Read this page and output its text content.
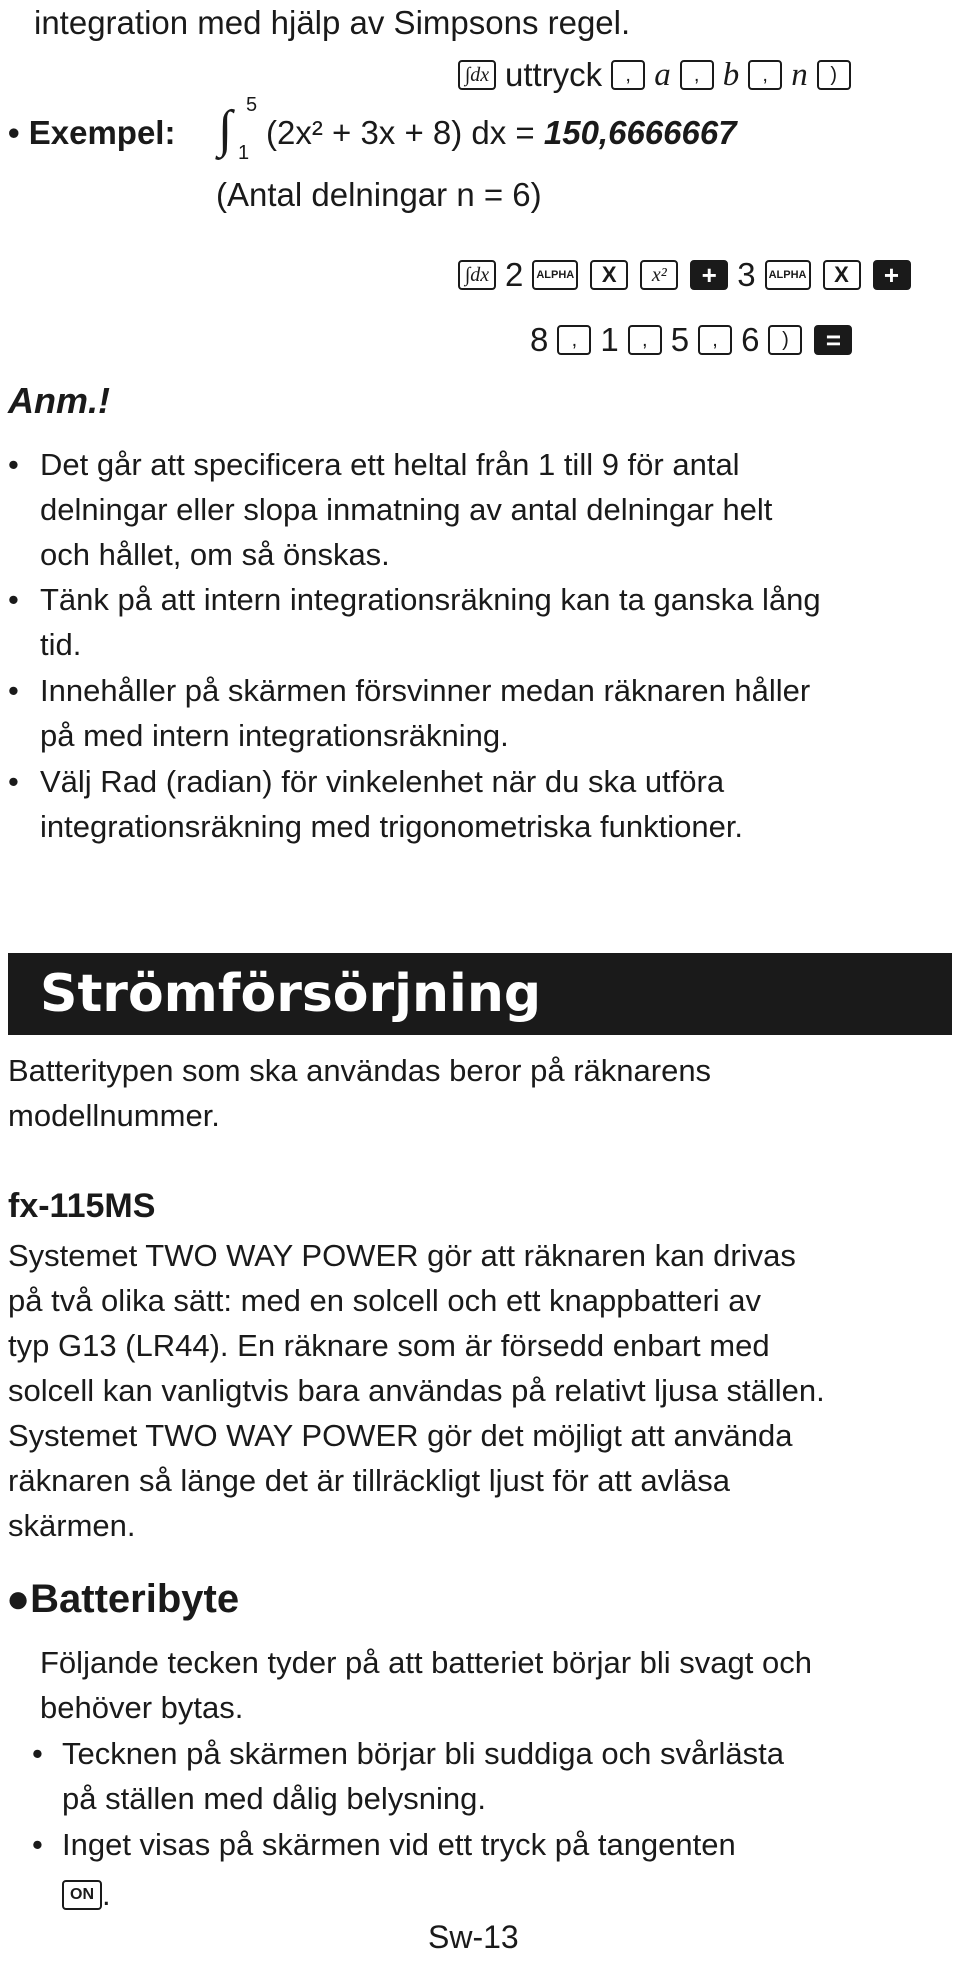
integration med hjälp av Simpsons regel.
∫dx uttryck	, a	, b	, n	)
• Exempel: ∫ 5
1
(2x² + 3x + 8) dx = 150,6666667
(Antal delningar n = 6)
∫dx 2	ALPHA	X	x²	+ 3	ALPHA	X	+
8	, 1	, 5	, 6	)	=
Anm.!
• Det går att specificera ett heltal från 1 till 9 för antal
delningar eller slopa inmatning av antal delningar helt
och hållet, om så önskas.
• Tänk på att intern integrationsräkning kan ta ganska lång
tid.
• Innehåller på skärmen försvinner medan räknaren håller
på med intern integrationsräkning.
• Välj Rad (radian) för vinkelenhet när du ska utföra
integrationsräkning med trigonometriska funktioner.
Strömförsörjning
Batteritypen som ska användas beror på räknarens
modellnummer.
fx-115MS
Systemet TWO WAY POWER gör att räknaren kan drivas
på två olika sätt: med en solcell och ett knappbatteri av
typ G13 (LR44). En räknare som är försedd enbart med
solcell kan vanligtvis bara användas på relativt ljusa ställen.
Systemet TWO WAY POWER gör det möjligt att använda
räknaren så länge det är tillräckligt ljust för att avläsa
skärmen.
●Batteribyte
Följande tecken tyder på att batteriet börjar bli svagt och
behöver bytas.
• Tecknen på skärmen börjar bli suddiga och svårlästa
på ställen med dålig belysning.
• Inget visas på skärmen vid ett tryck på tangenten
ON .
Sw-13
